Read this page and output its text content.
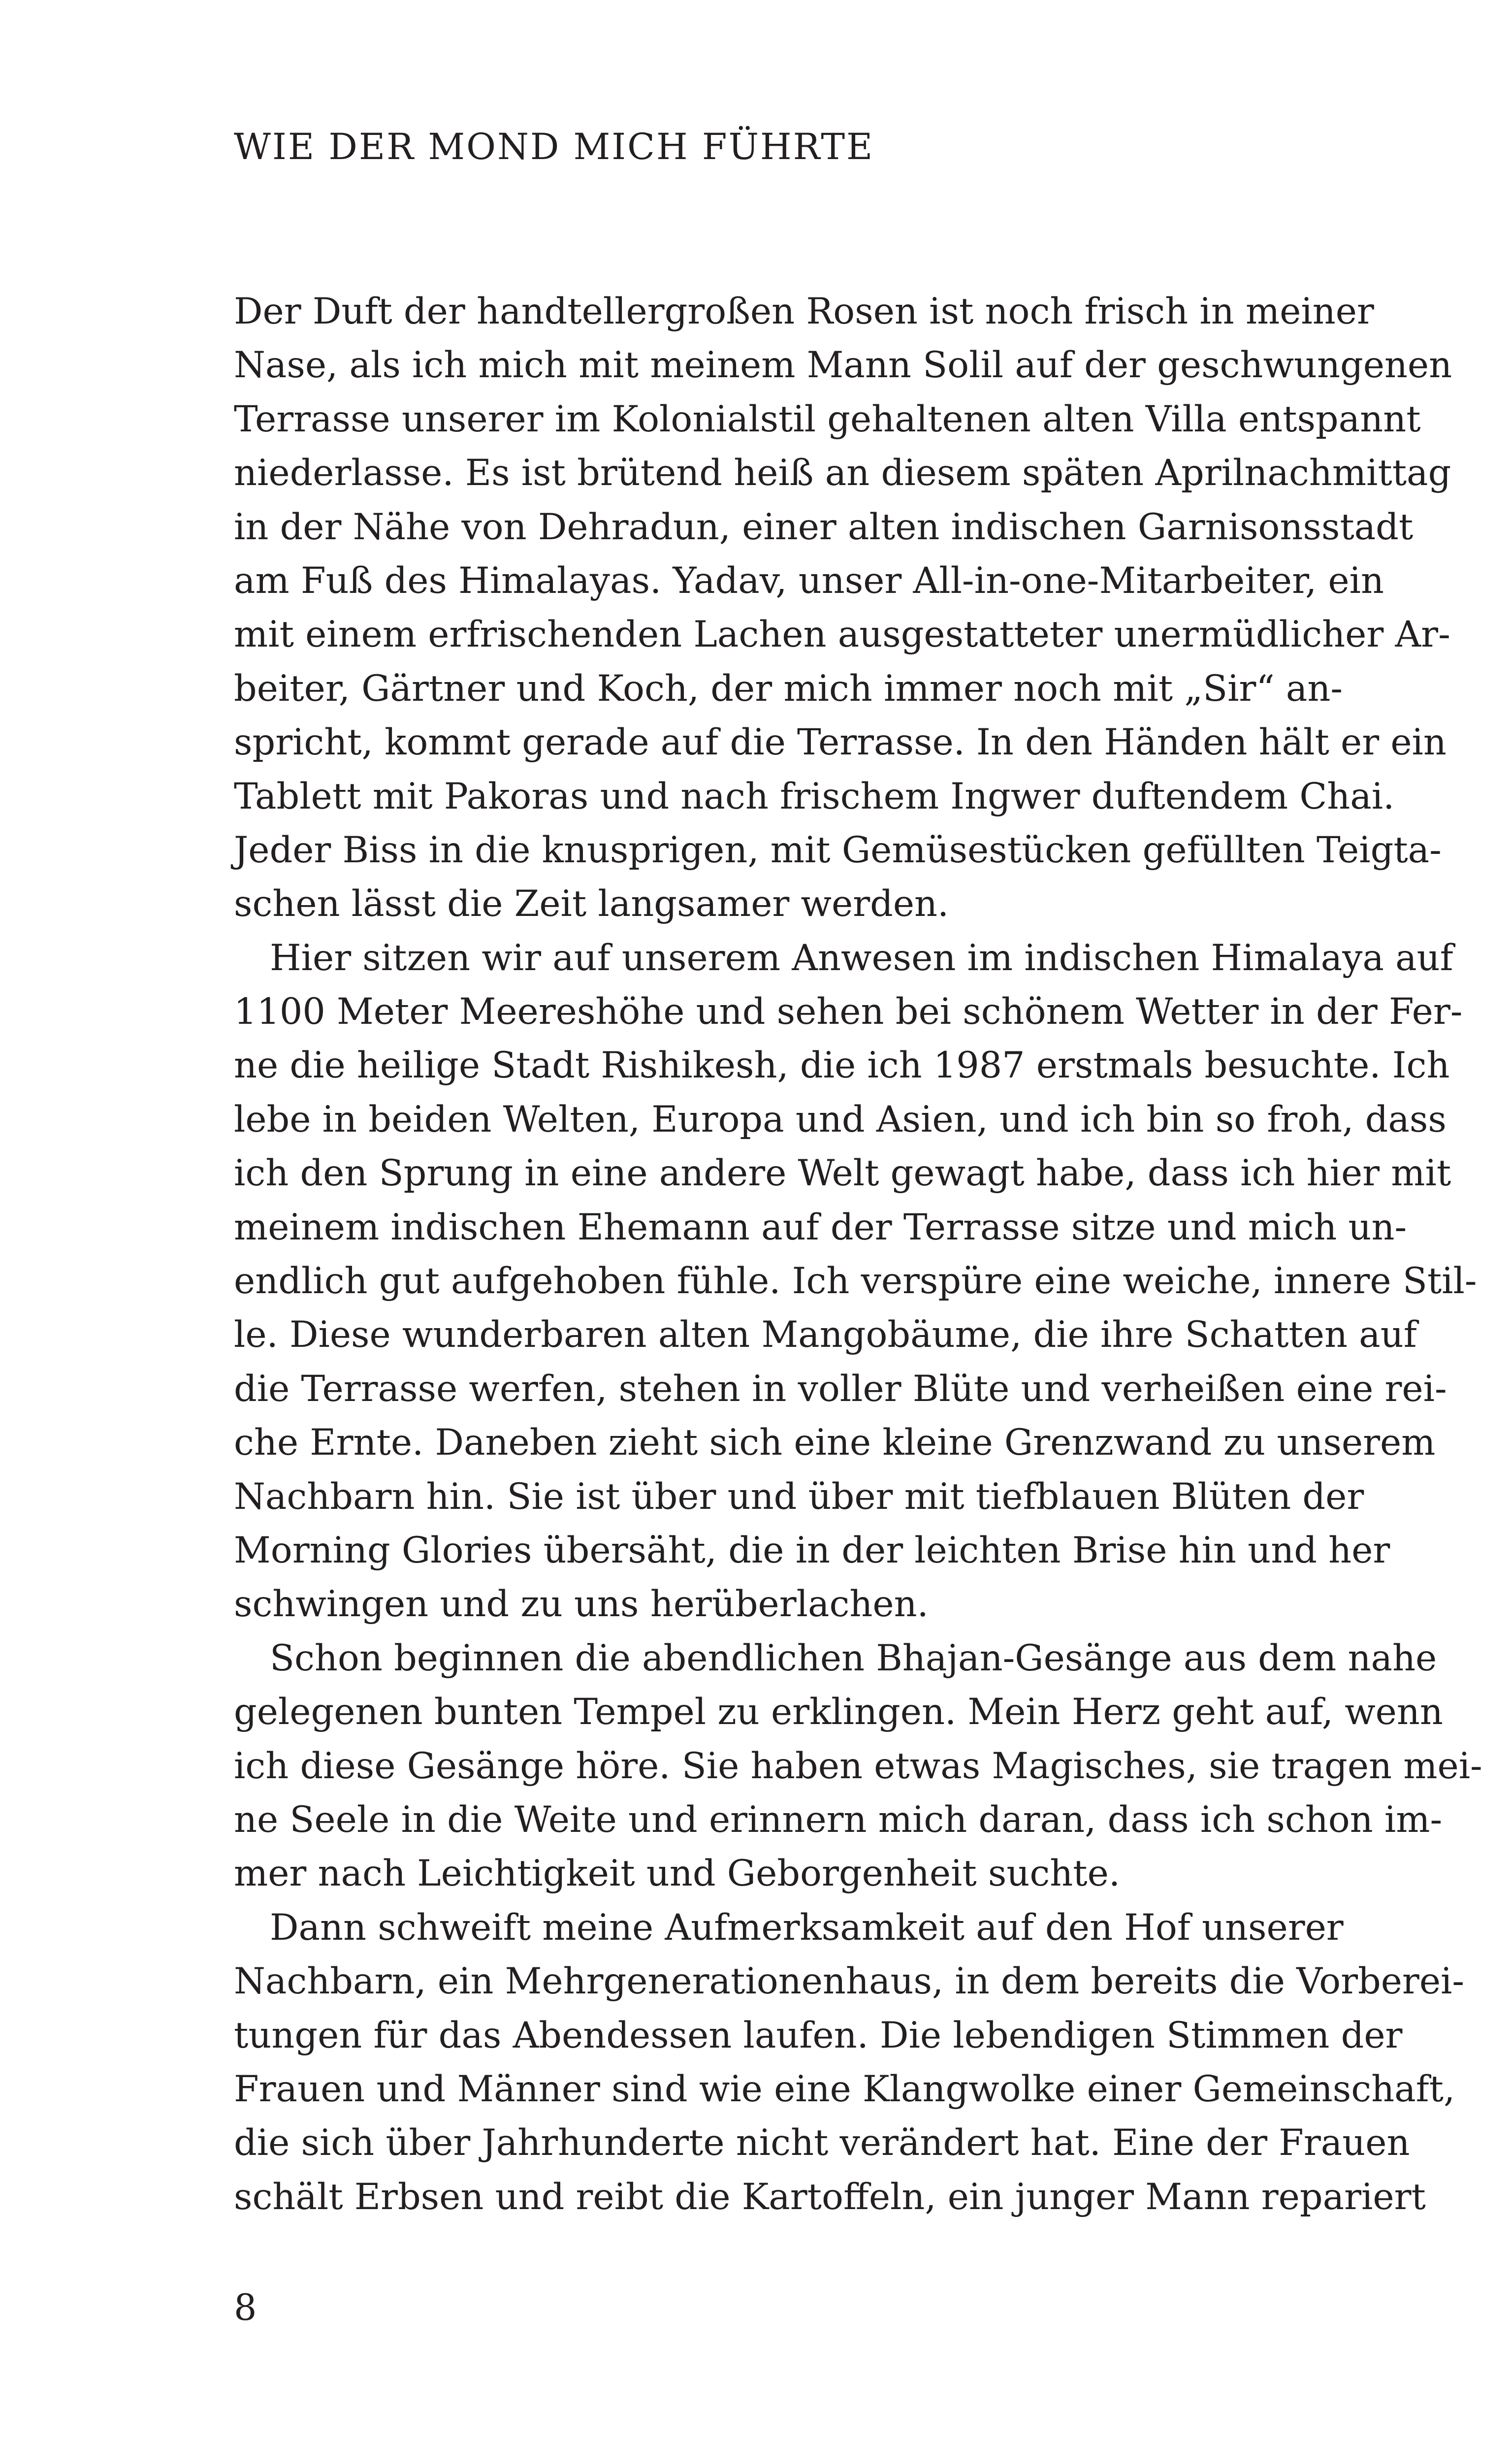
WIE DER MOND MICH FÜHRTE
Der Duft der handtellergroßen Rosen ist noch frisch in meiner
Nase, als ich mich mit meinem Mann Solil auf der geschwungenen
Terrasse unserer im Kolonialstil gehaltenen alten Villa entspannt
niederlasse. Es ist brütend heiß an diesem späten Aprilnachmittag
in der Nähe von Dehradun, einer alten indischen Garnisonsstadt
am Fuß des Himalayas. Yadav, unser All-in-one-Mitarbeiter, ein
mit einem erfrischenden Lachen ausgestatteter unermüdlicher Ar-
beiter, Gärtner und Koch, der mich immer noch mit „Sir“ an-
spricht, kommt gerade auf die Terrasse. In den Händen hält er ein
Tablett mit Pakoras und nach frischem Ingwer duftendem Chai.
Jeder Biss in die knusprigen, mit Gemüsestücken gefüllten Teigta-
schen lässt die Zeit langsamer werden.
Hier sitzen wir auf unserem Anwesen im indischen Himalaya auf
1100 Meter Meereshöhe und sehen bei schönem Wetter in der Fer-
ne die heilige Stadt Rishikesh, die ich 1987 erstmals besuchte. Ich
lebe in beiden Welten, Europa und Asien, und ich bin so froh, dass
ich den Sprung in eine andere Welt gewagt habe, dass ich hier mit
meinem indischen Ehemann auf der Terrasse sitze und mich un-
endlich gut aufgehoben fühle. Ich verspüre eine weiche, innere Stil-
le. Diese wunderbaren alten Mangobäume, die ihre Schatten auf
die Terrasse werfen, stehen in voller Blüte und verheißen eine rei-
che Ernte. Daneben zieht sich eine kleine Grenzwand zu unserem
Nachbarn hin. Sie ist über und über mit tiefblauen Blüten der
Morning Glories übersäht, die in der leichten Brise hin und her
schwingen und zu uns herüberlachen.
Schon beginnen die abendlichen Bhajan-Gesänge aus dem nahe
gelegenen bunten Tempel zu erklingen. Mein Herz geht auf, wenn
ich diese Gesänge höre. Sie haben etwas Magisches, sie tragen mei-
ne Seele in die Weite und erinnern mich daran, dass ich schon im-
mer nach Leichtigkeit und Geborgenheit suchte.
Dann schweift meine Aufmerksamkeit auf den Hof unserer
Nachbarn, ein Mehrgenerationenhaus, in dem bereits die Vorberei-
tungen für das Abendessen laufen. Die lebendigen Stimmen der
Frauen und Männer sind wie eine Klangwolke einer Gemeinschaft,
die sich über Jahrhunderte nicht verändert hat. Eine der Frauen
schält Erbsen und reibt die Kartoffeln, ein junger Mann repariert
8
